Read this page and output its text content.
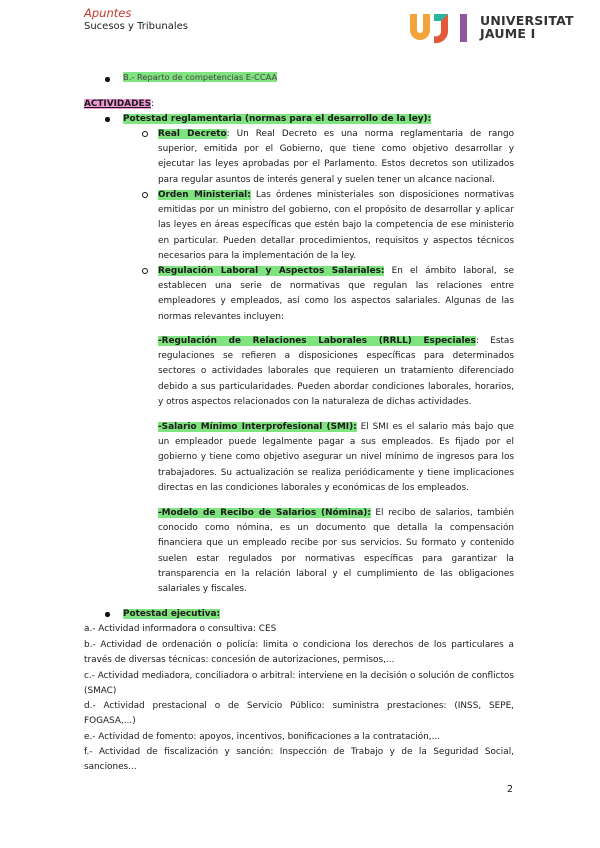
Apuntes
Sucesos y Tribunales	UNIVERSITAT
JAUME I
B.- Reparto de competencias E-CCAA
ACTIVIDADES:
Potestad reglamentaria (normas para el desarrollo de la ley):
Real Decreto: Un Real Decreto es una norma reglamentaria de rango superior, emitida por el Gobierno, que tiene como objetivo desarrollar y ejecutar las leyes aprobadas por el Parlamento. Estos decretos son utilizados para regular asuntos de interés general y suelen tener un alcance nacional.
Orden Ministerial: Las órdenes ministeriales son disposiciones normativas emitidas por un ministro del gobierno, con el propósito de desarrollar y aplicar las leyes en áreas específicas que estén bajo la competencia de ese ministerio en particular. Pueden detallar procedimientos, requisitos y aspectos técnicos necesarios para la implementación de la ley.
Regulación Laboral y Aspectos Salariales: En el ámbito laboral, se establecen una serie de normativas que regulan las relaciones entre empleadores y empleados, así como los aspectos salariales. Algunas de las normas relevantes incluyen:
-Regulación de Relaciones Laborales (RRLL) Especiales: Estas regulaciones se refieren a disposiciones específicas para determinados sectores o actividades laborales que requieren un tratamiento diferenciado debido a sus particularidades. Pueden abordar condiciones laborales, horarios, y otros aspectos relacionados con la naturaleza de dichas actividades.
-Salario Mínimo Interprofesional (SMI): El SMI es el salario más bajo que un empleador puede legalmente pagar a sus empleados. Es fijado por el gobierno y tiene como objetivo asegurar un nivel mínimo de ingresos para los trabajadores. Su actualización se realiza periódicamente y tiene implicaciones directas en las condiciones laborales y económicas de los empleados.
-Modelo de Recibo de Salarios (Nómina): El recibo de salarios, también conocido como nómina, es un documento que detalla la compensación financiera que un empleado recibe por sus servicios. Su formato y contenido suelen estar regulados por normativas específicas para garantizar la transparencia en la relación laboral y el cumplimiento de las obligaciones salariales y fiscales.
Potestad ejecutiva:
a.- Actividad informadora o consultiva: CES
b.- Actividad de ordenación o policía: limita o condiciona los derechos de los particulares a través de diversas técnicas: concesión de autorizaciones, permisos,...
c.- Actividad mediadora, conciliadora o arbitral: interviene en la decisión o solución de conflictos (SMAC)
d.- Actividad prestacional o de Servicio Público: suministra prestaciones: (INSS, SEPE, FOGASA,...)
e.- Actividad de fomento: apoyos, incentivos, bonificaciones a la contratación,...
f.- Actividad de fiscalización y sanción: Inspección de Trabajo y de la Seguridad Social, sanciones...
2
